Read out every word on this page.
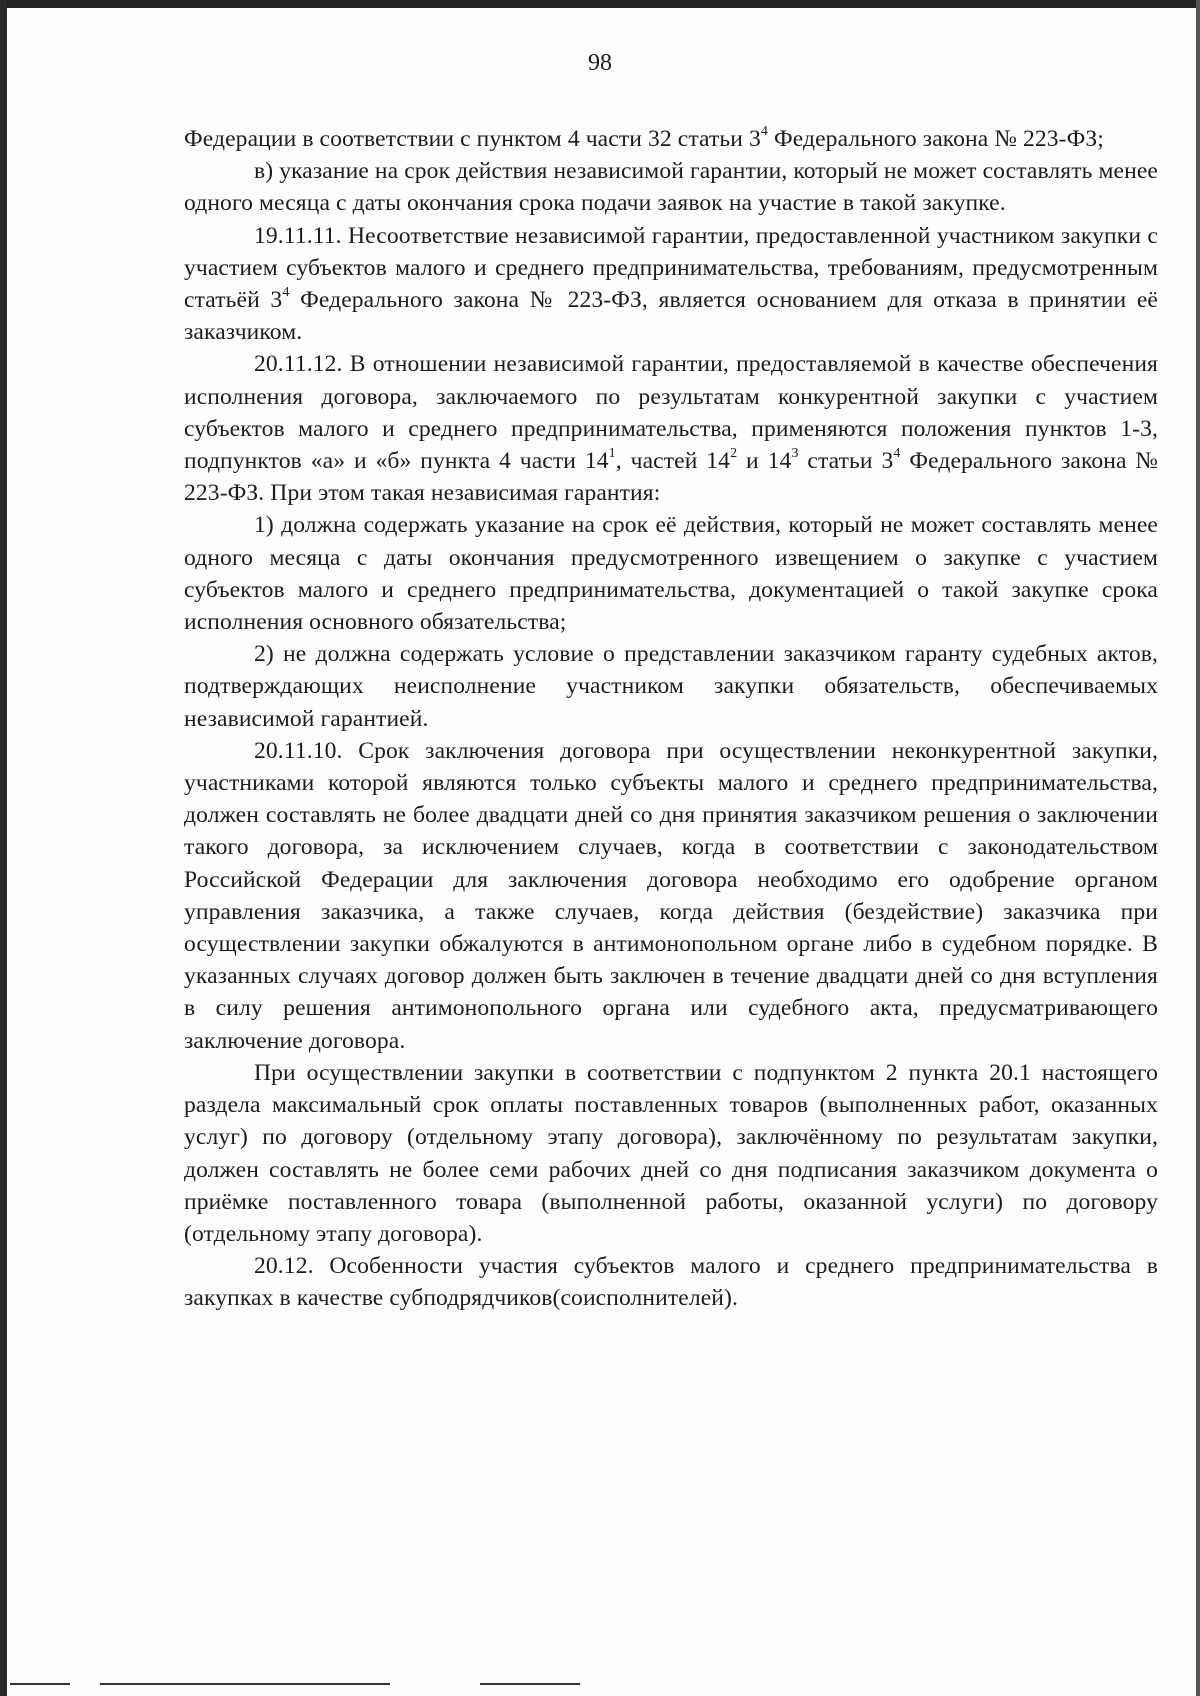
98

Федерации в соответствии с пунктом 4 части 32 статьи $3^4$ Федерального закона № 223-ФЗ;

в) указание на срок действия независимой гарантии, который не может составлять менее одного месяца с даты окончания срока подачи заявок на участие в такой закупке.

19.11.11. Несоответствие независимой гарантии, предоставленной участником закупки с участием субъектов малого и среднего предпринимательства, требованиям, предусмотренным статьёй $3^4$ Федерального закона № 223-ФЗ, является основанием для отказа в принятии её заказчиком.

20.11.12. В отношении независимой гарантии, предоставляемой в качестве обеспечения исполнения договора, заключаемого по результатам конкурентной закупки с участием субъектов малого и среднего предпринимательства, применяются положения пунктов 1-3, подпунктов «а» и «б» пункта 4 части $14^1$, частей $14^2$ и $14^3$ статьи $3^4$ Федерального закона № 223-ФЗ. При этом такая независимая гарантия:

1) должна содержать указание на срок её действия, который не может составлять менее одного месяца с даты окончания предусмотренного извещением о закупке с участием субъектов малого и среднего предпринимательства, документацией о такой закупке срока исполнения основного обязательства;

2) не должна содержать условие о представлении заказчиком гаранту судебных актов, подтверждающих неисполнение участником закупки обязательств, обеспечиваемых независимой гарантией.

20.11.10. Срок заключения договора при осуществлении неконкурентной закупки, участниками которой являются только субъекты малого и среднего предпринимательства, должен составлять не более двадцати дней со дня принятия заказчиком решения о заключении такого договора, за исключением случаев, когда в соответствии с законодательством Российской Федерации для заключения договора необходимо его одобрение органом управления заказчика, а также случаев, когда действия (бездействие) заказчика при осуществлении закупки обжалуются в антимонопольном органе либо в судебном порядке. В указанных случаях договор должен быть заключен в течение двадцати дней со дня вступления в силу решения антимонопольного органа или судебного акта, предусматривающего заключение договора.

При осуществлении закупки в соответствии с подпунктом 2 пункта 20.1 настоящего раздела максимальный срок оплаты поставленных товаров (выполненных работ, оказанных услуг) по договору (отдельному этапу договора), заключённому по результатам закупки, должен составлять не более семи рабочих дней со дня подписания заказчиком документа о приёмке поставленного товара (выполненной работы, оказанной услуги) по договору (отдельному этапу договора).

20.12. Особенности участия субъектов малого и среднего предпринимательства в закупках в качестве субподрядчиков(соисполнителей).
